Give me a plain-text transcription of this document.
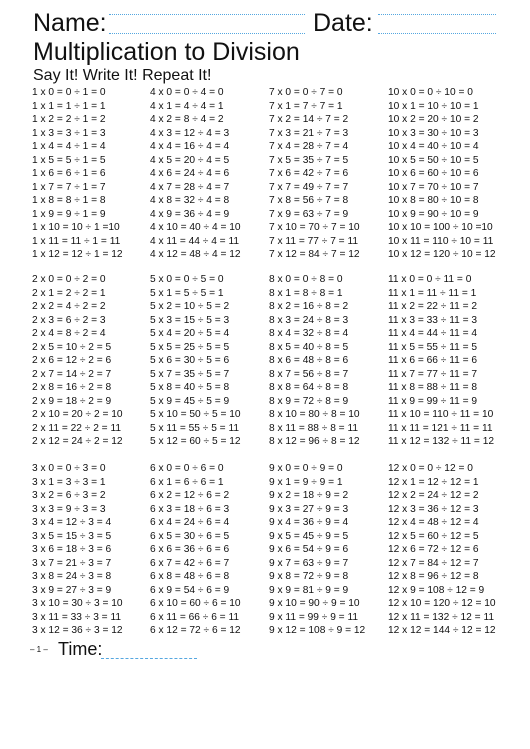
Name:	Date:
Multiplication to Division
Say It! Write It! Repeat It!
1 x 0 = 0 ÷ 1 = 0
1 x 1 = 1 ÷ 1 = 1
1 x 2 = 2 ÷ 1 = 2
1 x 3 = 3 ÷ 1 = 3
1 x 4 = 4 ÷ 1 = 4
1 x 5 = 5 ÷ 1 = 5
1 x 6 = 6 ÷ 1 = 6
1 x 7 = 7 ÷ 1 = 7
1 x 8 = 8 ÷ 1 = 8
1 x 9 = 9 ÷ 1 = 9
1 x 10 = 10 ÷ 1 =10
1 x 11 = 11 ÷ 1 = 11
1 x 12 = 12 ÷ 1 = 12
4 x 0 = 0 ÷ 4 = 0
4 x 1 = 4 ÷ 4 = 1
4 x 2 = 8 ÷ 4 = 2
4 x 3 = 12 ÷ 4 = 3
4 x 4 = 16 ÷ 4 = 4
4 x 5 = 20 ÷ 4 = 5
4 x 6 = 24 ÷ 4 = 6
4 x 7 = 28 ÷ 4 = 7
4 x 8 = 32 ÷ 4 = 8
4 x 9 = 36 ÷ 4 = 9
4 x 10 = 40 ÷ 4 = 10
4 x 11 = 44 ÷ 4 = 11
4 x 12 = 48 ÷ 4 = 12
7 x 0 = 0 ÷ 7 = 0
7 x 1 = 7 ÷ 7 = 1
7 x 2 = 14 ÷ 7 = 2
7 x 3 = 21 ÷ 7 = 3
7 x 4 = 28 ÷ 7 = 4
7 x 5 = 35 ÷ 7 = 5
7 x 6 = 42 ÷ 7 = 6
7 x 7 = 49 ÷ 7 = 7
7 x 8 = 56 ÷ 7 = 8
7 x 9 = 63 ÷ 7 = 9
7 x 10 = 70 ÷ 7 = 10
7 x 11 = 77 ÷ 7 = 11
7 x 12 = 84 ÷ 7 = 12
10 x 0 = 0 ÷ 10 = 0
10 x 1 = 10 ÷ 10 = 1
10 x 2 = 20 ÷ 10 = 2
10 x 3 = 30 ÷ 10 = 3
10 x 4 = 40 ÷ 10 = 4
10 x 5 = 50 ÷ 10 = 5
10 x 6 = 60 ÷ 10 = 6
10 x 7 = 70 ÷ 10 = 7
10 x 8 = 80 ÷ 10 = 8
10 x 9 = 90 ÷ 10 = 9
10 x 10 = 100 ÷ 10 =10
10 x 11 = 110 ÷ 10 = 11
10 x 12 = 120 ÷ 10 = 12
2 x 0 = 0 ÷ 2 = 0
2 x 1 = 2 ÷ 2 = 1
2 x 2 = 4 ÷ 2 = 2
2 x 3 = 6 ÷ 2 = 3
2 x 4 = 8 ÷ 2 = 4
2 x 5 = 10 ÷ 2 = 5
2 x 6 = 12 ÷ 2 = 6
2 x 7 = 14 ÷ 2 = 7
2 x 8 = 16 ÷ 2 = 8
2 x 9 = 18 ÷ 2 = 9
2 x 10 = 20 ÷ 2 = 10
2 x 11 = 22 ÷ 2 = 11
2 x 12 = 24 ÷ 2 = 12
5 x 0 = 0 ÷ 5 = 0
5 x 1 = 5 ÷ 5 = 1
5 x 2 = 10 ÷ 5 = 2
5 x 3 = 15 ÷ 5 = 3
5 x 4 = 20 ÷ 5 = 4
5 x 5 = 25 ÷ 5 = 5
5 x 6 = 30 ÷ 5 = 6
5 x 7 = 35 ÷ 5 = 7
5 x 8 = 40 ÷ 5 = 8
5 x 9 = 45 ÷ 5 = 9
5 x 10 = 50 ÷ 5 = 10
5 x 11 = 55 ÷ 5 = 11
5 x 12 = 60 ÷ 5 = 12
8 x 0 = 0 ÷ 8 = 0
8 x 1 = 8 ÷ 8 = 1
8 x 2 = 16 ÷ 8 = 2
8 x 3 = 24 ÷ 8 = 3
8 x 4 = 32 ÷ 8 = 4
8 x 5 = 40 ÷ 8 = 5
8 x 6 = 48 ÷ 8 = 6
8 x 7 = 56 ÷ 8 = 7
8 x 8 = 64 ÷ 8 = 8
8 x 9 = 72 ÷ 8 = 9
8 x 10 = 80 ÷ 8 = 10
8 x 11 = 88 ÷ 8 = 11
8 x 12 = 96 ÷ 8 = 12
11 x 0 = 0 ÷ 11 = 0
11 x 1 = 11 ÷ 11 = 1
11 x 2 = 22 ÷ 11 = 2
11 x 3 = 33 ÷ 11 = 3
11 x 4 = 44 ÷ 11 = 4
11 x 5 = 55 ÷ 11 = 5
11 x 6 = 66 ÷ 11 = 6
11 x 7 = 77 ÷ 11 = 7
11 x 8 = 88 ÷ 11 = 8
11 x 9 = 99 ÷ 11 = 9
11 x 10 = 110 ÷ 11 = 10
11 x 11 = 121 ÷ 11 = 11
11 x 12 = 132 ÷ 11 = 12
3 x 0 = 0 ÷ 3 = 0
3 x 1 = 3 ÷ 3 = 1
3 x 2 = 6 ÷ 3 = 2
3 x 3 = 9 ÷ 3 = 3
3 x 4 = 12 ÷ 3 = 4
3 x 5 = 15 ÷ 3 = 5
3 x 6 = 18 ÷ 3 = 6
3 x 7 = 21 ÷ 3 = 7
3 x 8 = 24 ÷ 3 = 8
3 x 9 = 27 ÷ 3 = 9
3 x 10 = 30 ÷ 3 = 10
3 x 11 = 33 ÷ 3 = 11
3 x 12 = 36 ÷ 3 = 12
6 x 0 = 0 ÷ 6 = 0
6 x 1 = 6 ÷ 6 = 1
6 x 2 = 12 ÷ 6 = 2
6 x 3 = 18 ÷ 6 = 3
6 x 4 = 24 ÷ 6 = 4
6 x 5 = 30 ÷ 6 = 5
6 x 6 = 36 ÷ 6 = 6
6 x 7 = 42 ÷ 6 = 7
6 x 8 = 48 ÷ 6 = 8
6 x 9 = 54 ÷ 6 = 9
6 x 10 = 60 ÷ 6 = 10
6 x 11 = 66 ÷ 6 = 11
6 x 12 = 72 ÷ 6 = 12
9 x 0 = 0 ÷ 9 = 0
9 x 1 = 9 ÷ 9 = 1
9 x 2 = 18 ÷ 9 = 2
9 x 3 = 27 ÷ 9 = 3
9 x 4 = 36 ÷ 9 = 4
9 x 5 = 45 ÷ 9 = 5
9 x 6 = 54 ÷ 9 = 6
9 x 7 = 63 ÷ 9 = 7
9 x 8 = 72 ÷ 9 = 8
9 x 9 = 81 ÷ 9 = 9
9 x 10 = 90 ÷ 9 = 10
9 x 11 = 99 ÷ 9 = 11
9 x 12 = 108 ÷ 9 = 12
12 x 0 = 0 ÷ 12 = 0
12 x 1 = 12 ÷ 12 = 1
12 x 2 = 24 ÷ 12 = 2
12 x 3 = 36 ÷ 12 = 3
12 x 4 = 48 ÷ 12 = 4
12 x 5 = 60 ÷ 12 = 5
12 x 6 = 72 ÷ 12 = 6
12 x 7 = 84 ÷ 12 = 7
12 x 8 = 96 ÷ 12 = 8
12 x 9 = 108 ÷ 12 = 9
12 x 10 = 120 ÷ 12 = 10
12 x 11 = 132 ÷ 12 = 11
12 x 12 = 144 ÷ 12 = 12
– 1 – Time:
